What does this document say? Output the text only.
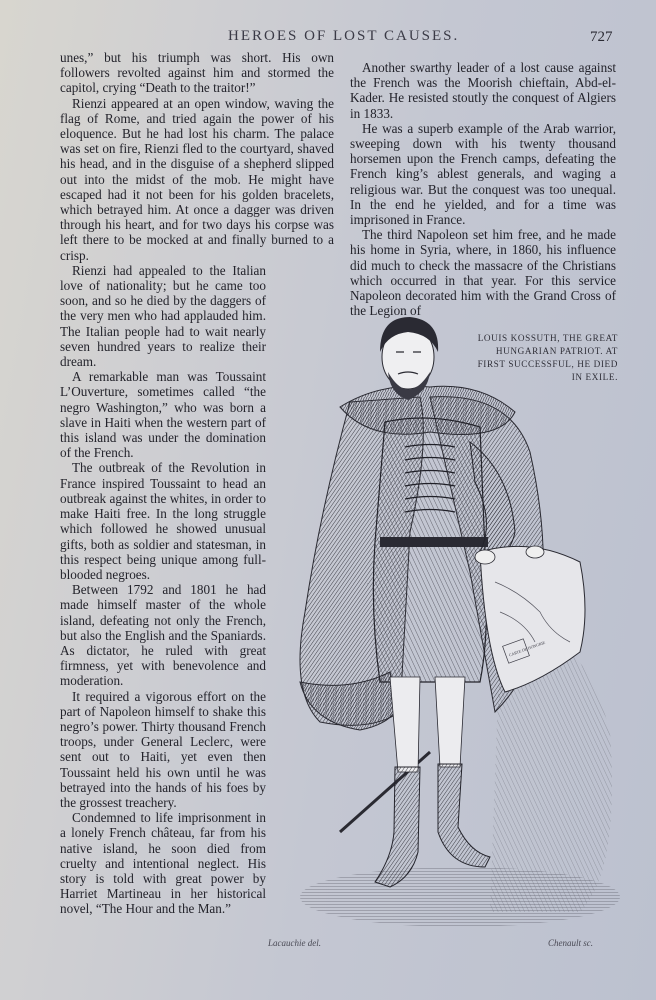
HEROES OF LOST CAUSES.	727

unes,” but his triumph was short. His own followers revolted against him and stormed the capitol, crying “Death to the traitor!”

Rienzi appeared at an open window, waving the flag of Rome, and tried again the power of his eloquence. But he had lost his charm. The palace was set on fire, Rienzi fled to the courtyard, shaved his head, and in the disguise of a shepherd slipped out into the midst of the mob. He might have escaped had it not been for his golden bracelets, which betrayed him. At once a dagger was driven through his heart, and for two days his corpse was left there to be mocked at and finally burned to a crisp.

Rienzi had appealed to the Italian love of nationality; but he came too soon, and so he died by the daggers of the very men who had applauded him. The Italian people had to wait nearly seven hundred years to realize their dream.

A remarkable man was Toussaint L’Ouverture, sometimes called “the negro Washington,” who was born a slave in Haiti when the western part of this island was under the domination of the French.

The outbreak of the Revolution in France inspired Toussaint to head an outbreak against the whites, in order to make Haiti free. In the long struggle which followed he showed unusual gifts, both as soldier and statesman, in this respect being unique among full-blooded negroes.

Between 1792 and 1801 he had made himself master of the whole island, defeating not only the French, but also the English and the Spaniards. As dictator, he ruled with great firmness, yet with benevolence and moderation.

It required a vigorous effort on the part of Napoleon himself to shake this negro’s power. Thirty thousand French troops, under General Leclerc, were sent out to Haiti, yet even then Toussaint held his own until he was betrayed into the hands of his foes by the grossest treachery.

Condemned to life imprisonment in a lonely French château, far from his native island, he soon died from cruelty and intentional neglect. His story is told with great power by Harriet Martineau in her historical novel, “The Hour and the Man.”

Another swarthy leader of a lost cause against the French was the Moorish chieftain, Abd-el-Kader. He resisted stoutly the conquest of Algiers in 1833.

He was a superb example of the Arab warrior, sweeping down with his twenty thousand horsemen upon the French camps, defeating the French king’s ablest generals, and waging a religious war. But the conquest was too unequal. In the end he yielded, and for a time was imprisoned in France.

The third Napoleon set him free, and he made his home in Syria, where, in 1860, his influence did much to check the massacre of the Christians which occurred in that year. For this service Napoleon decorated him with the Grand Cross of the Legion of

LOUIS KOSSUTH, THE GREAT HUNGARIAN PATRIOT. AT FIRST SUCCESSFUL, HE DIED IN EXILE.
CARTE DE HONGRIE
Lacauchie del.	Chenault sc.
